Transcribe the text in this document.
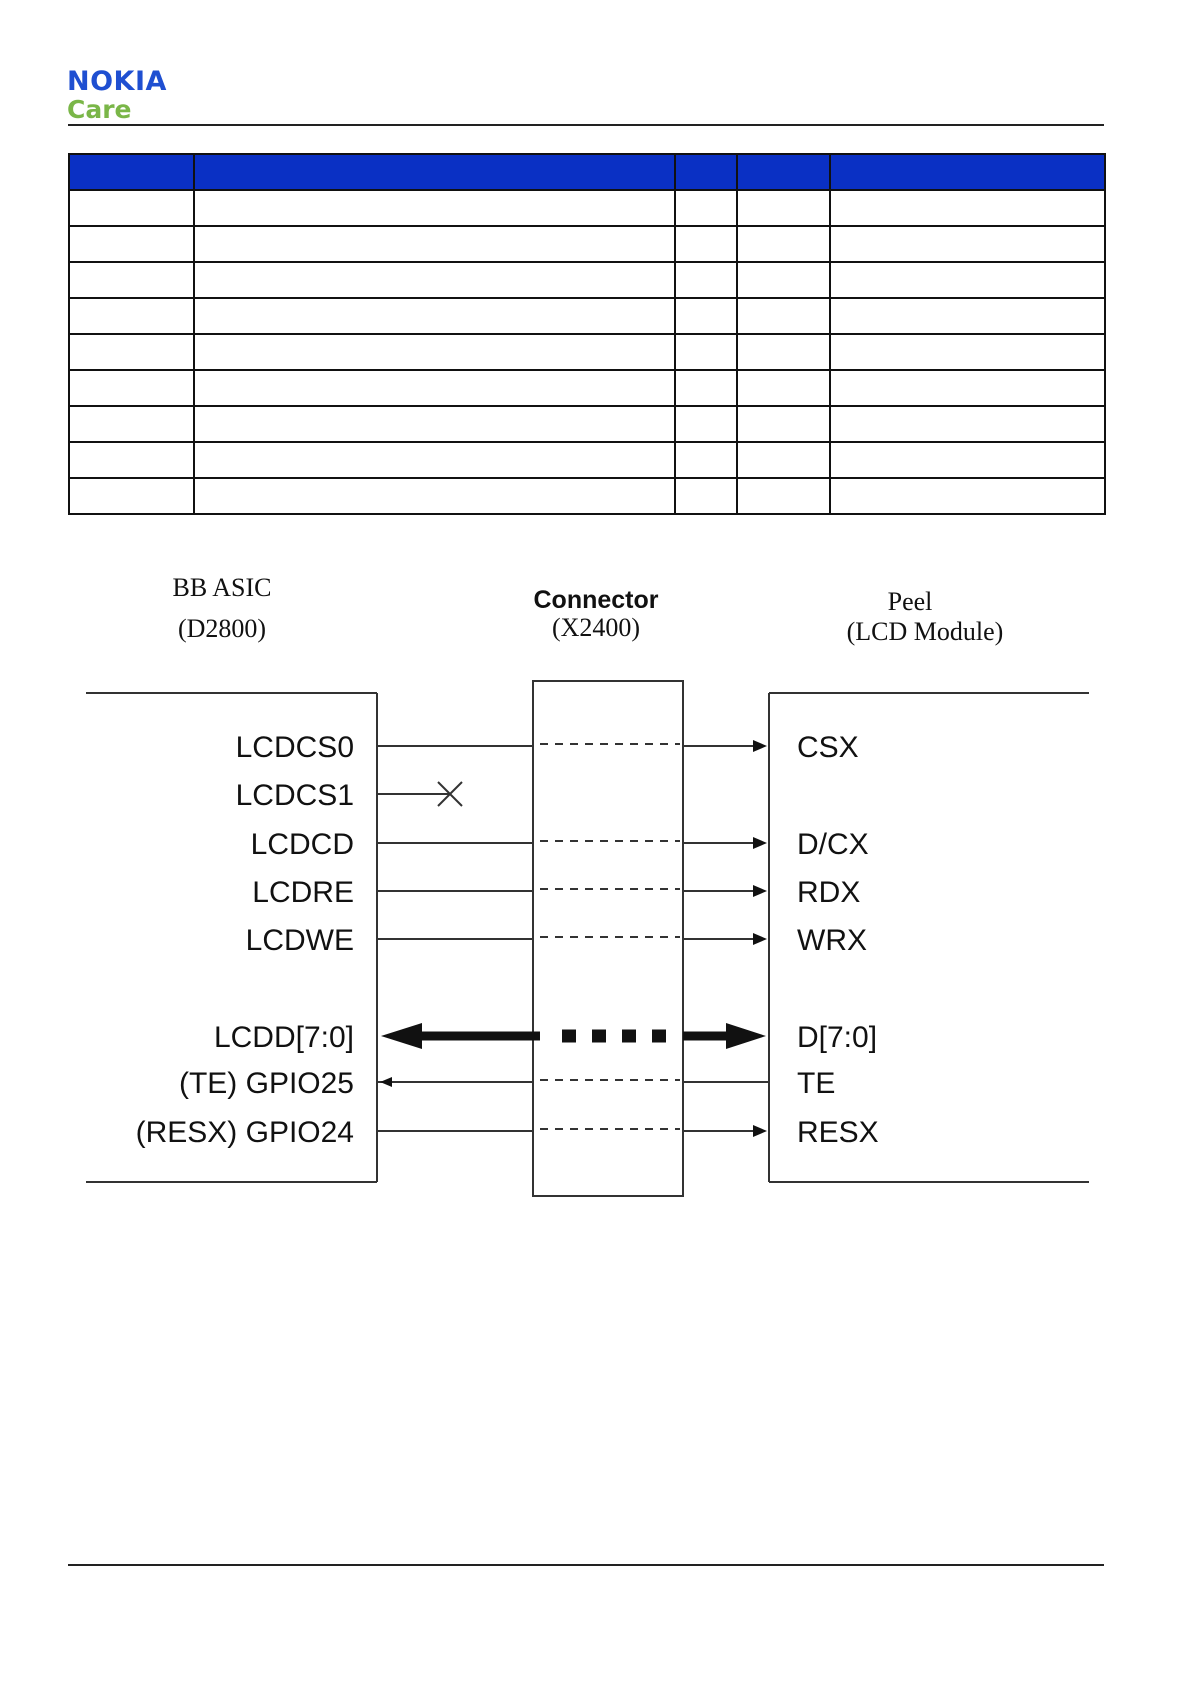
NOKIA
Care

BB ASIC
(D2800)
Connector
(X2400)
Peel
(LCD Module)
LCDCS0	CSX
LCDCS1
LCDCD	D/CX
LCDRE	RDX
LCDWE	WRX
LCDD[7:0]	D[7:0]
(TE) GPIO25	TE
(RESX) GPIO24	RESX
